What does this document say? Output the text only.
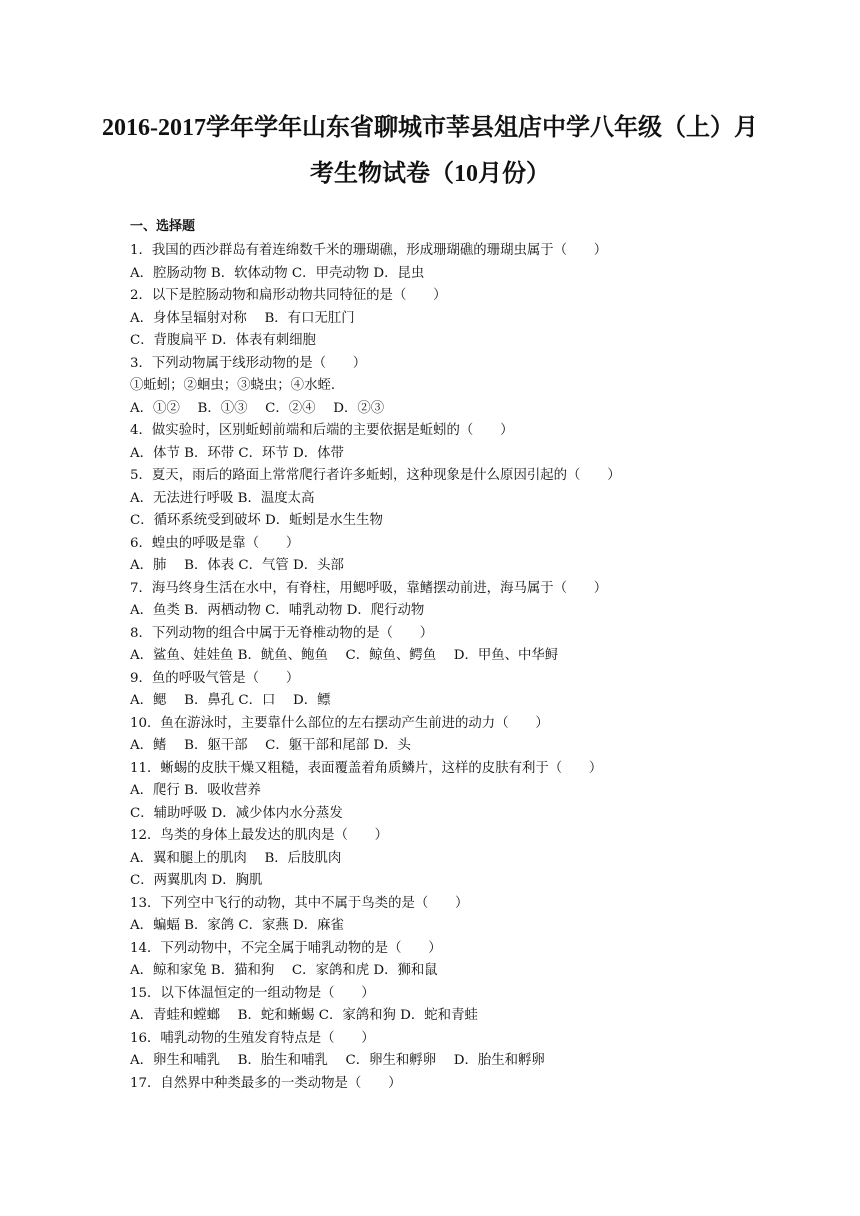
2016-2017学年学年山东省聊城市莘县俎店中学八年级（上）月
考生物试卷（10月份）
一、选择题
1．我国的西沙群岛有着连绵数千米的珊瑚礁，形成珊瑚礁的珊瑚虫属于（　　）
A．腔肠动物 B．软体动物 C．甲壳动物 D．昆虫
2．以下是腔肠动物和扁形动物共同特征的是（　　）
A．身体呈辐射对称　 B．有口无肛门
C．背腹扁平 D．体表有刺细胞
3．下列动物属于线形动物的是（　　）
①蚯蚓；②蛔虫；③蛲虫；④水蛭．
A．①②　 B．①③　 C．②④　 D．②③
4．做实验时，区别蚯蚓前端和后端的主要依据是蚯蚓的（　　）
A．体节 B．环带 C．环节 D．体带
5．夏天，雨后的路面上常常爬行者许多蚯蚓，这种现象是什么原因引起的（　　）
A．无法进行呼吸 B．温度太高
C．循环系统受到破坏 D．蚯蚓是水生生物
6．蝗虫的呼吸是靠（　　）
A．肺　 B．体表 C．气管 D．头部
7．海马终身生活在水中，有脊柱，用鳃呼吸，靠鳍摆动前进，海马属于（　　）
A．鱼类 B．两栖动物 C．哺乳动物 D．爬行动物
8．下列动物的组合中属于无脊椎动物的是（　　）
A．鲨鱼、娃娃鱼 B．鱿鱼、鲍鱼　 C．鲸鱼、鳄鱼　 D．甲鱼、中华鲟
9．鱼的呼吸气管是（　　）
A．鳃　 B．鼻孔 C．口　 D．鳔
10．鱼在游泳时，主要靠什么部位的左右摆动产生前进的动力（　　）
A．鳍　 B．躯干部　 C．躯干部和尾部 D．头
11．蜥蜴的皮肤干燥又粗糙，表面覆盖着角质鳞片，这样的皮肤有利于（　　）
A．爬行 B．吸收营养
C．辅助呼吸 D．减少体内水分蒸发
12．鸟类的身体上最发达的肌肉是（　　）
A．翼和腿上的肌肉　 B．后肢肌肉
C．两翼肌肉 D．胸肌
13．下列空中飞行的动物，其中不属于鸟类的是（　　）
A．蝙蝠 B．家鸽 C．家燕 D．麻雀
14．下列动物中，不完全属于哺乳动物的是（　　）
A．鲸和家兔 B．猫和狗　 C．家鸽和虎 D．狮和鼠
15．以下体温恒定的一组动物是（　　）
A．青蛙和螳螂　 B．蛇和蜥蜴 C．家鸽和狗 D．蛇和青蛙
16．哺乳动物的生殖发育特点是（　　）
A．卵生和哺乳　 B．胎生和哺乳　 C．卵生和孵卵　 D．胎生和孵卵
17．自然界中种类最多的一类动物是（　　）
